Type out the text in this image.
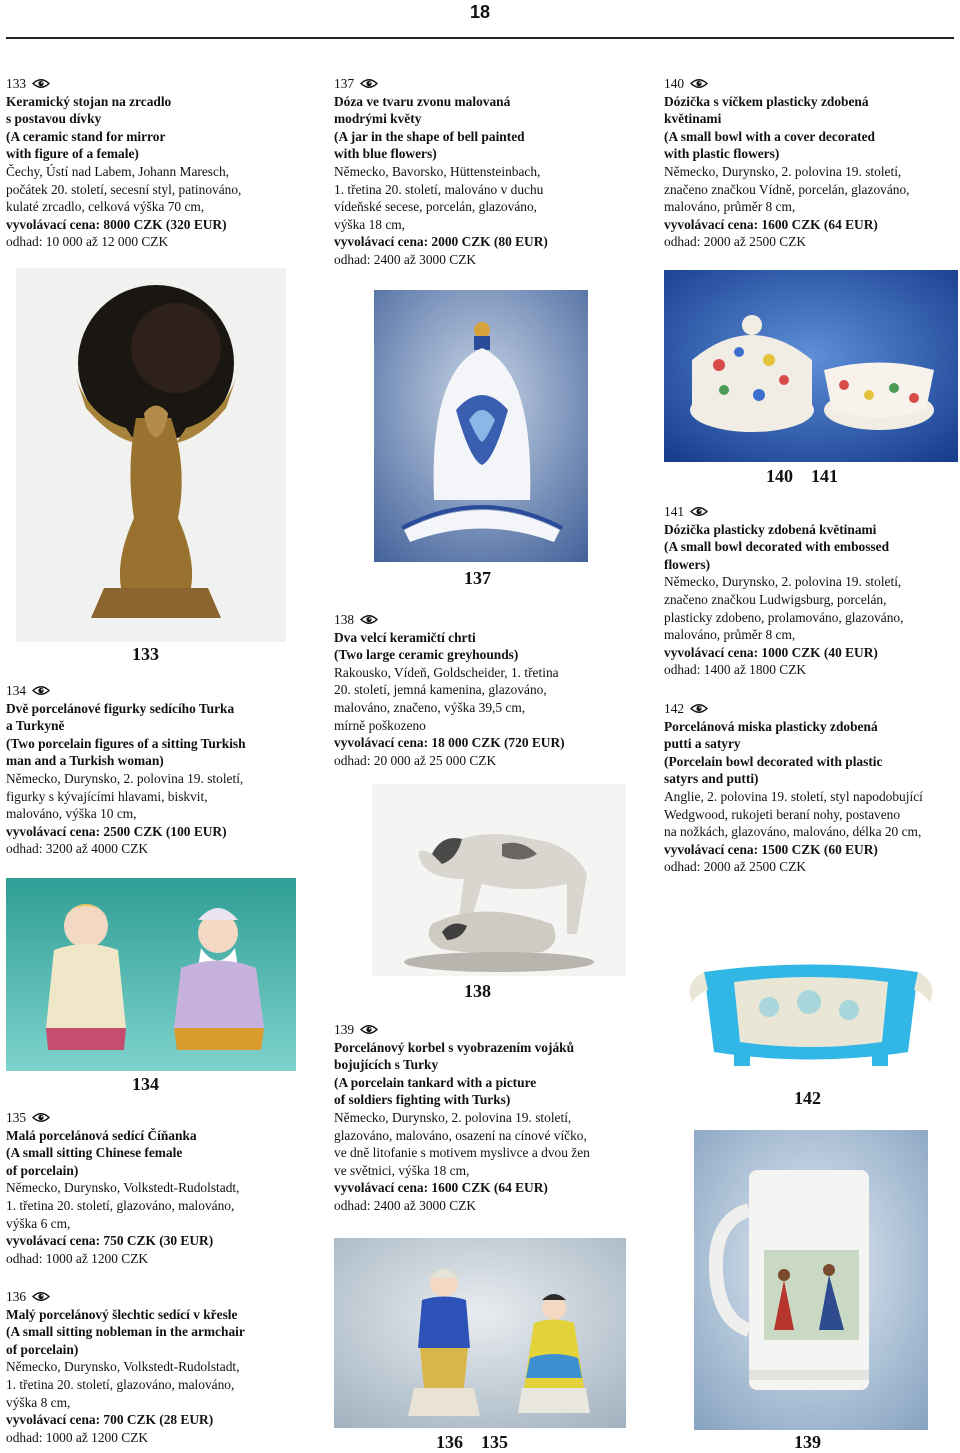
18
133
Keramický stojan na zrcadlo
s postavou dívky
(A ceramic stand for mirror
with figure of a female)
Čechy, Ústí nad Labem, Johann Maresch,
počátek 20. století, secesní styl, patinováno,
kulaté zrcadlo, celková výška 70 cm,
vyvolávací cena: 8000 CZK (320 EUR)
odhad: 10 000 až 12 000 CZK
137
Dóza ve tvaru zvonu malovaná
modrými květy
(A jar in the shape of bell painted
with blue flowers)
Německo, Bavorsko, Hüttensteinbach,
1. třetina 20. století, malováno v duchu
vídeňské secese, porcelán, glazováno,
výška 18 cm,
vyvolávací cena: 2000 CZK (80 EUR)
odhad: 2400 až 3000 CZK
140
Dózička s víčkem plasticky zdobená
květinami
(A small bowl with a cover decorated
with plastic flowers)
Německo, Durynsko, 2. polovina 19. století,
značeno značkou Vídně, porcelán, glazováno,
malováno, průměr 8 cm,
vyvolávací cena: 1600 CZK (64 EUR)
odhad: 2000 až 2500 CZK
133
137
140    141
141
Dózička plasticky zdobená květinami
(A small bowl decorated with embossed
flowers)
Německo, Durynsko, 2. polovina 19. století,
značeno značkou Ludwigsburg, porcelán,
plasticky zdobeno, prolamováno, glazováno,
malováno, průměr 8 cm,
vyvolávací cena: 1000 CZK (40 EUR)
odhad: 1400 až 1800 CZK
142
Porcelánová miska plasticky zdobená
putti a satyry
(Porcelain bowl decorated with plastic
satyrs and putti)
Anglie, 2. polovina 19. století, styl napodobující
Wedgwood, rukojeti beraní nohy, postaveno
na nožkách, glazováno, malováno, délka 20 cm,
vyvolávací cena: 1500 CZK (60 EUR)
odhad: 2000 až 2500 CZK
134
Dvě porcelánové figurky sedícího Turka
a Turkyně
(Two porcelain figures of a sitting Turkish
man and a Turkish woman)
Německo, Durynsko, 2. polovina 19. století,
figurky s kývajícími hlavami, biskvit,
malováno, výška 10 cm,
vyvolávací cena: 2500 CZK (100 EUR)
odhad: 3200 až 4000 CZK
138
Dva velcí keramičtí chrti
(Two large ceramic greyhounds)
Rakousko, Vídeň, Goldscheider, 1. třetina
20. století, jemná kamenina, glazováno,
malováno, značeno, výška 39,5 cm,
mírně poškozeno
vyvolávací cena: 18 000 CZK (720 EUR)
odhad: 20 000 až 25 000 CZK
138
134
142
139
Porcelánový korbel s vyobrazením vojáků
bojujících s Turky
(A porcelain tankard with a picture
of soldiers fighting with Turks)
Německo, Durynsko, 2. polovina 19. století,
glazováno, malováno, osazení na cínové víčko,
ve dně litofanie s motivem myslivce a dvou žen
ve světnici, výška 18 cm,
vyvolávací cena: 1600 CZK (64 EUR)
odhad: 2400 až 3000 CZK
135
Malá porcelánová sedící Číňanka
(A small sitting Chinese female
of porcelain)
Německo, Durynsko, Volkstedt-Rudolstadt,
1. třetina 20. století, glazováno, malováno,
výška 6 cm,
vyvolávací cena: 750 CZK (30 EUR)
odhad: 1000 až 1200 CZK
136
Malý porcelánový šlechtic sedící v křesle
(A small sitting nobleman in the armchair
of porcelain)
Německo, Durynsko, Volkstedt-Rudolstadt,
1. třetina 20. století, glazováno, malováno,
výška 8 cm,
vyvolávací cena: 700 CZK (28 EUR)
odhad: 1000 až 1200 CZK	136    135	139
